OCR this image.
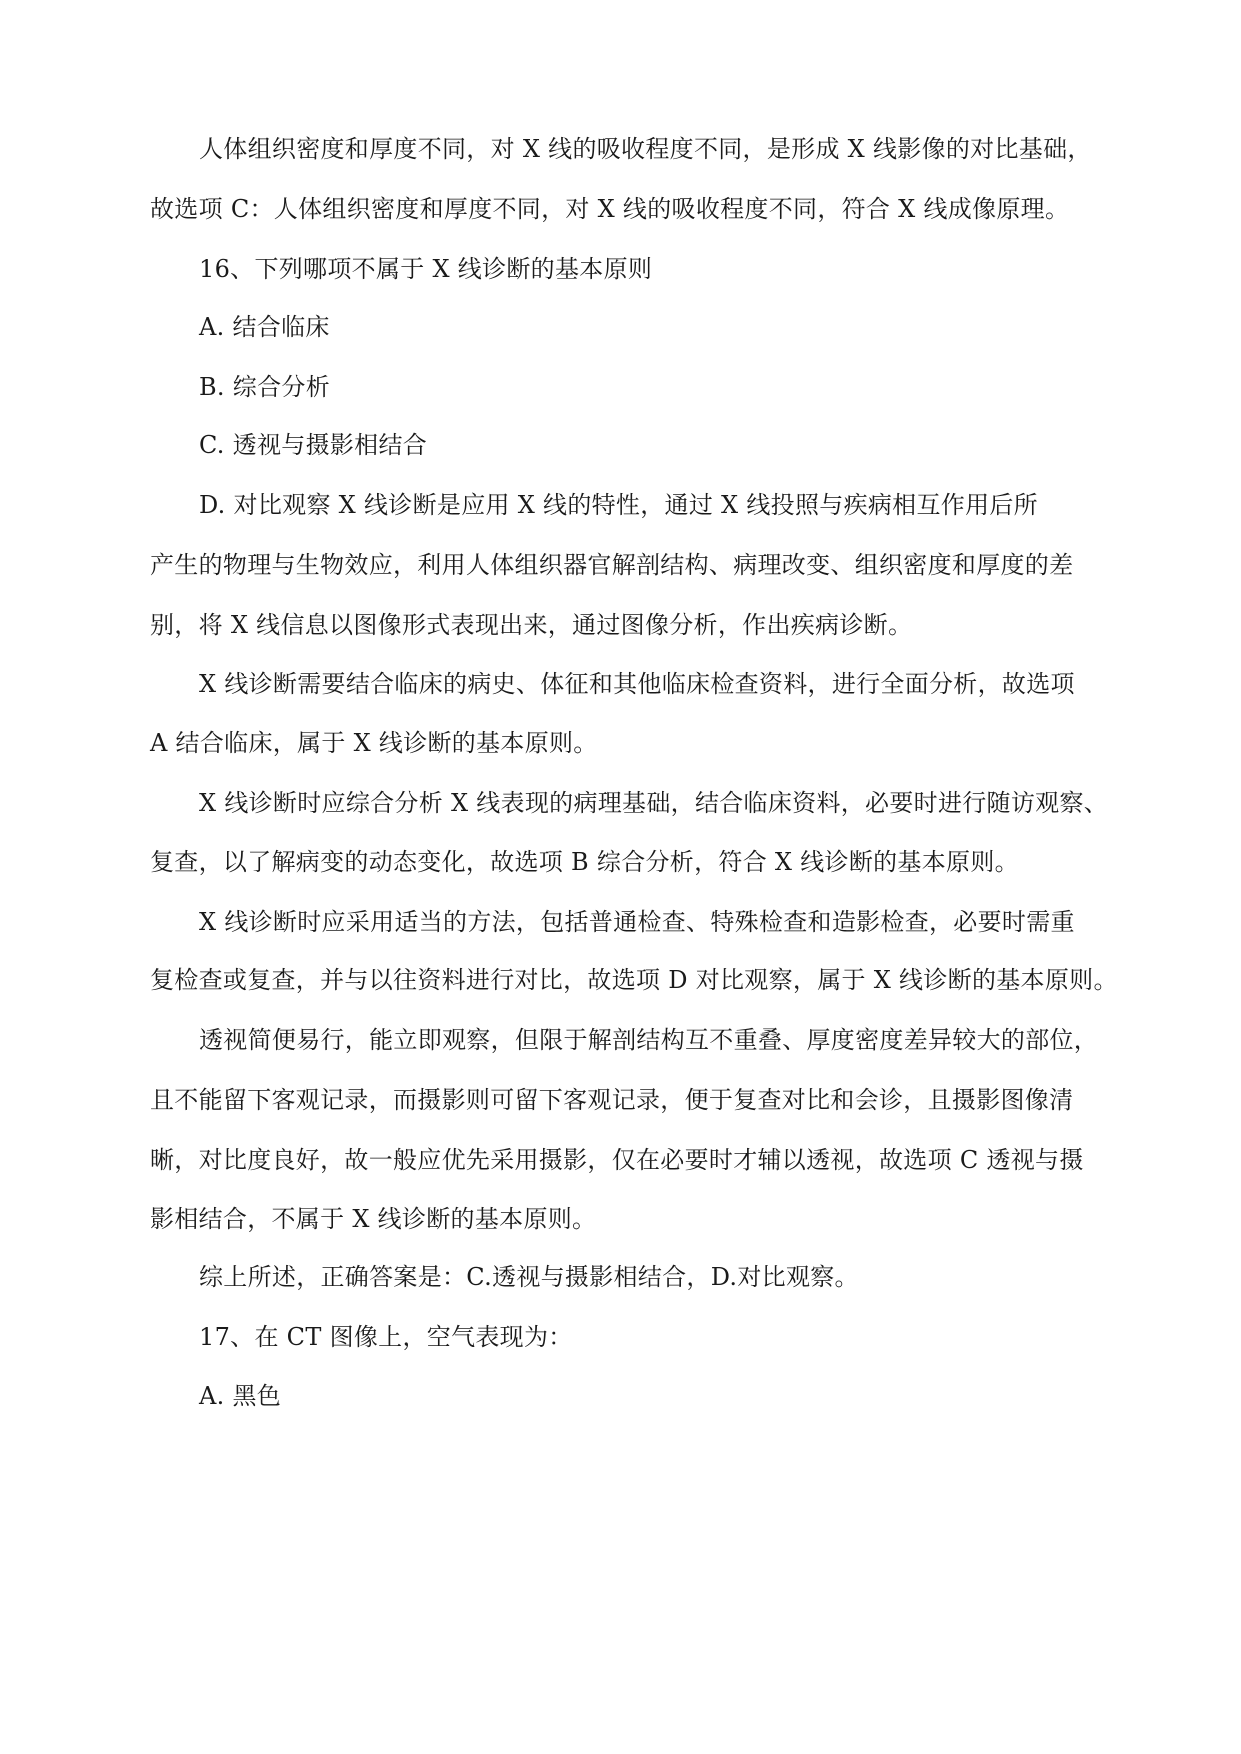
人体组织密度和厚度不同，对 X 线的吸收程度不同，是形成 X 线影像的对比基础，
故选项 C：人体组织密度和厚度不同，对 X 线的吸收程度不同，符合 X 线成像原理。
16、下列哪项不属于 X 线诊断的基本原则
A. 结合临床
B. 综合分析
C. 透视与摄影相结合
D. 对比观察 X 线诊断是应用 X 线的特性，通过 X 线投照与疾病相互作用后所
产生的物理与生物效应，利用人体组织器官解剖结构、病理改变、组织密度和厚度的差
别，将 X 线信息以图像形式表现出来，通过图像分析，作出疾病诊断。
X 线诊断需要结合临床的病史、体征和其他临床检查资料，进行全面分析，故选项
A 结合临床，属于 X 线诊断的基本原则。
X 线诊断时应综合分析 X 线表现的病理基础，结合临床资料，必要时进行随访观察、
复查，以了解病变的动态变化，故选项 B 综合分析，符合 X 线诊断的基本原则。
X 线诊断时应采用适当的方法，包括普通检查、特殊检查和造影检查，必要时需重
复检查或复查，并与以往资料进行对比，故选项 D 对比观察，属于 X 线诊断的基本原则。
透视简便易行，能立即观察，但限于解剖结构互不重叠、厚度密度差异较大的部位，
且不能留下客观记录，而摄影则可留下客观记录，便于复查对比和会诊，且摄影图像清
晰，对比度良好，故一般应优先采用摄影，仅在必要时才辅以透视，故选项 C 透视与摄
影相结合，不属于 X 线诊断的基本原则。
综上所述，正确答案是：C.透视与摄影相结合，D.对比观察。
17、在 CT 图像上，空气表现为：
A. 黑色
